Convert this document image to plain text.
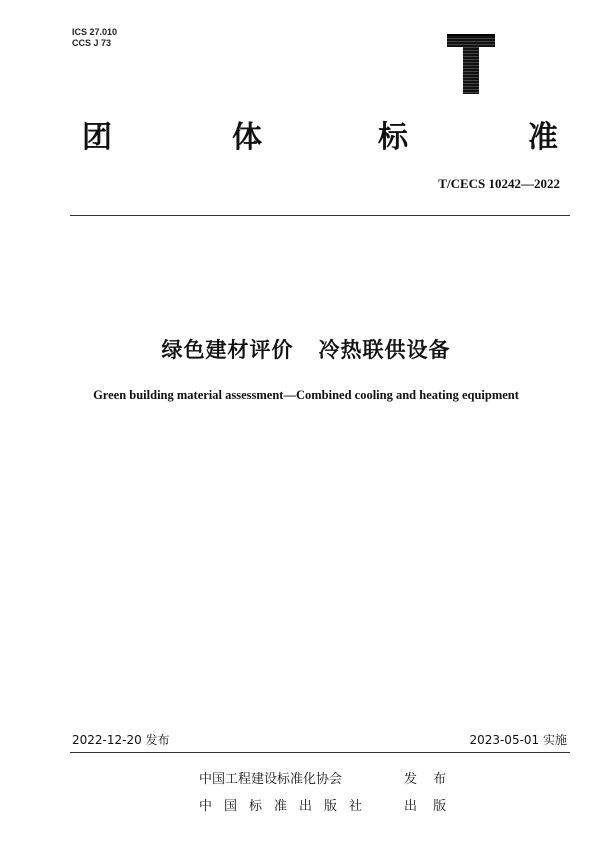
ICS 27.010
CCS J 73
团	体	标	准
T/CECS 10242—2022
绿色建材评价   冷热联供设备
Green building material assessment—Combined cooling and heating equipment
2022-12-20 发布	2023-05-01 实施
中国工程建设标准化协会	发 布
中国标准出版社	出 版
